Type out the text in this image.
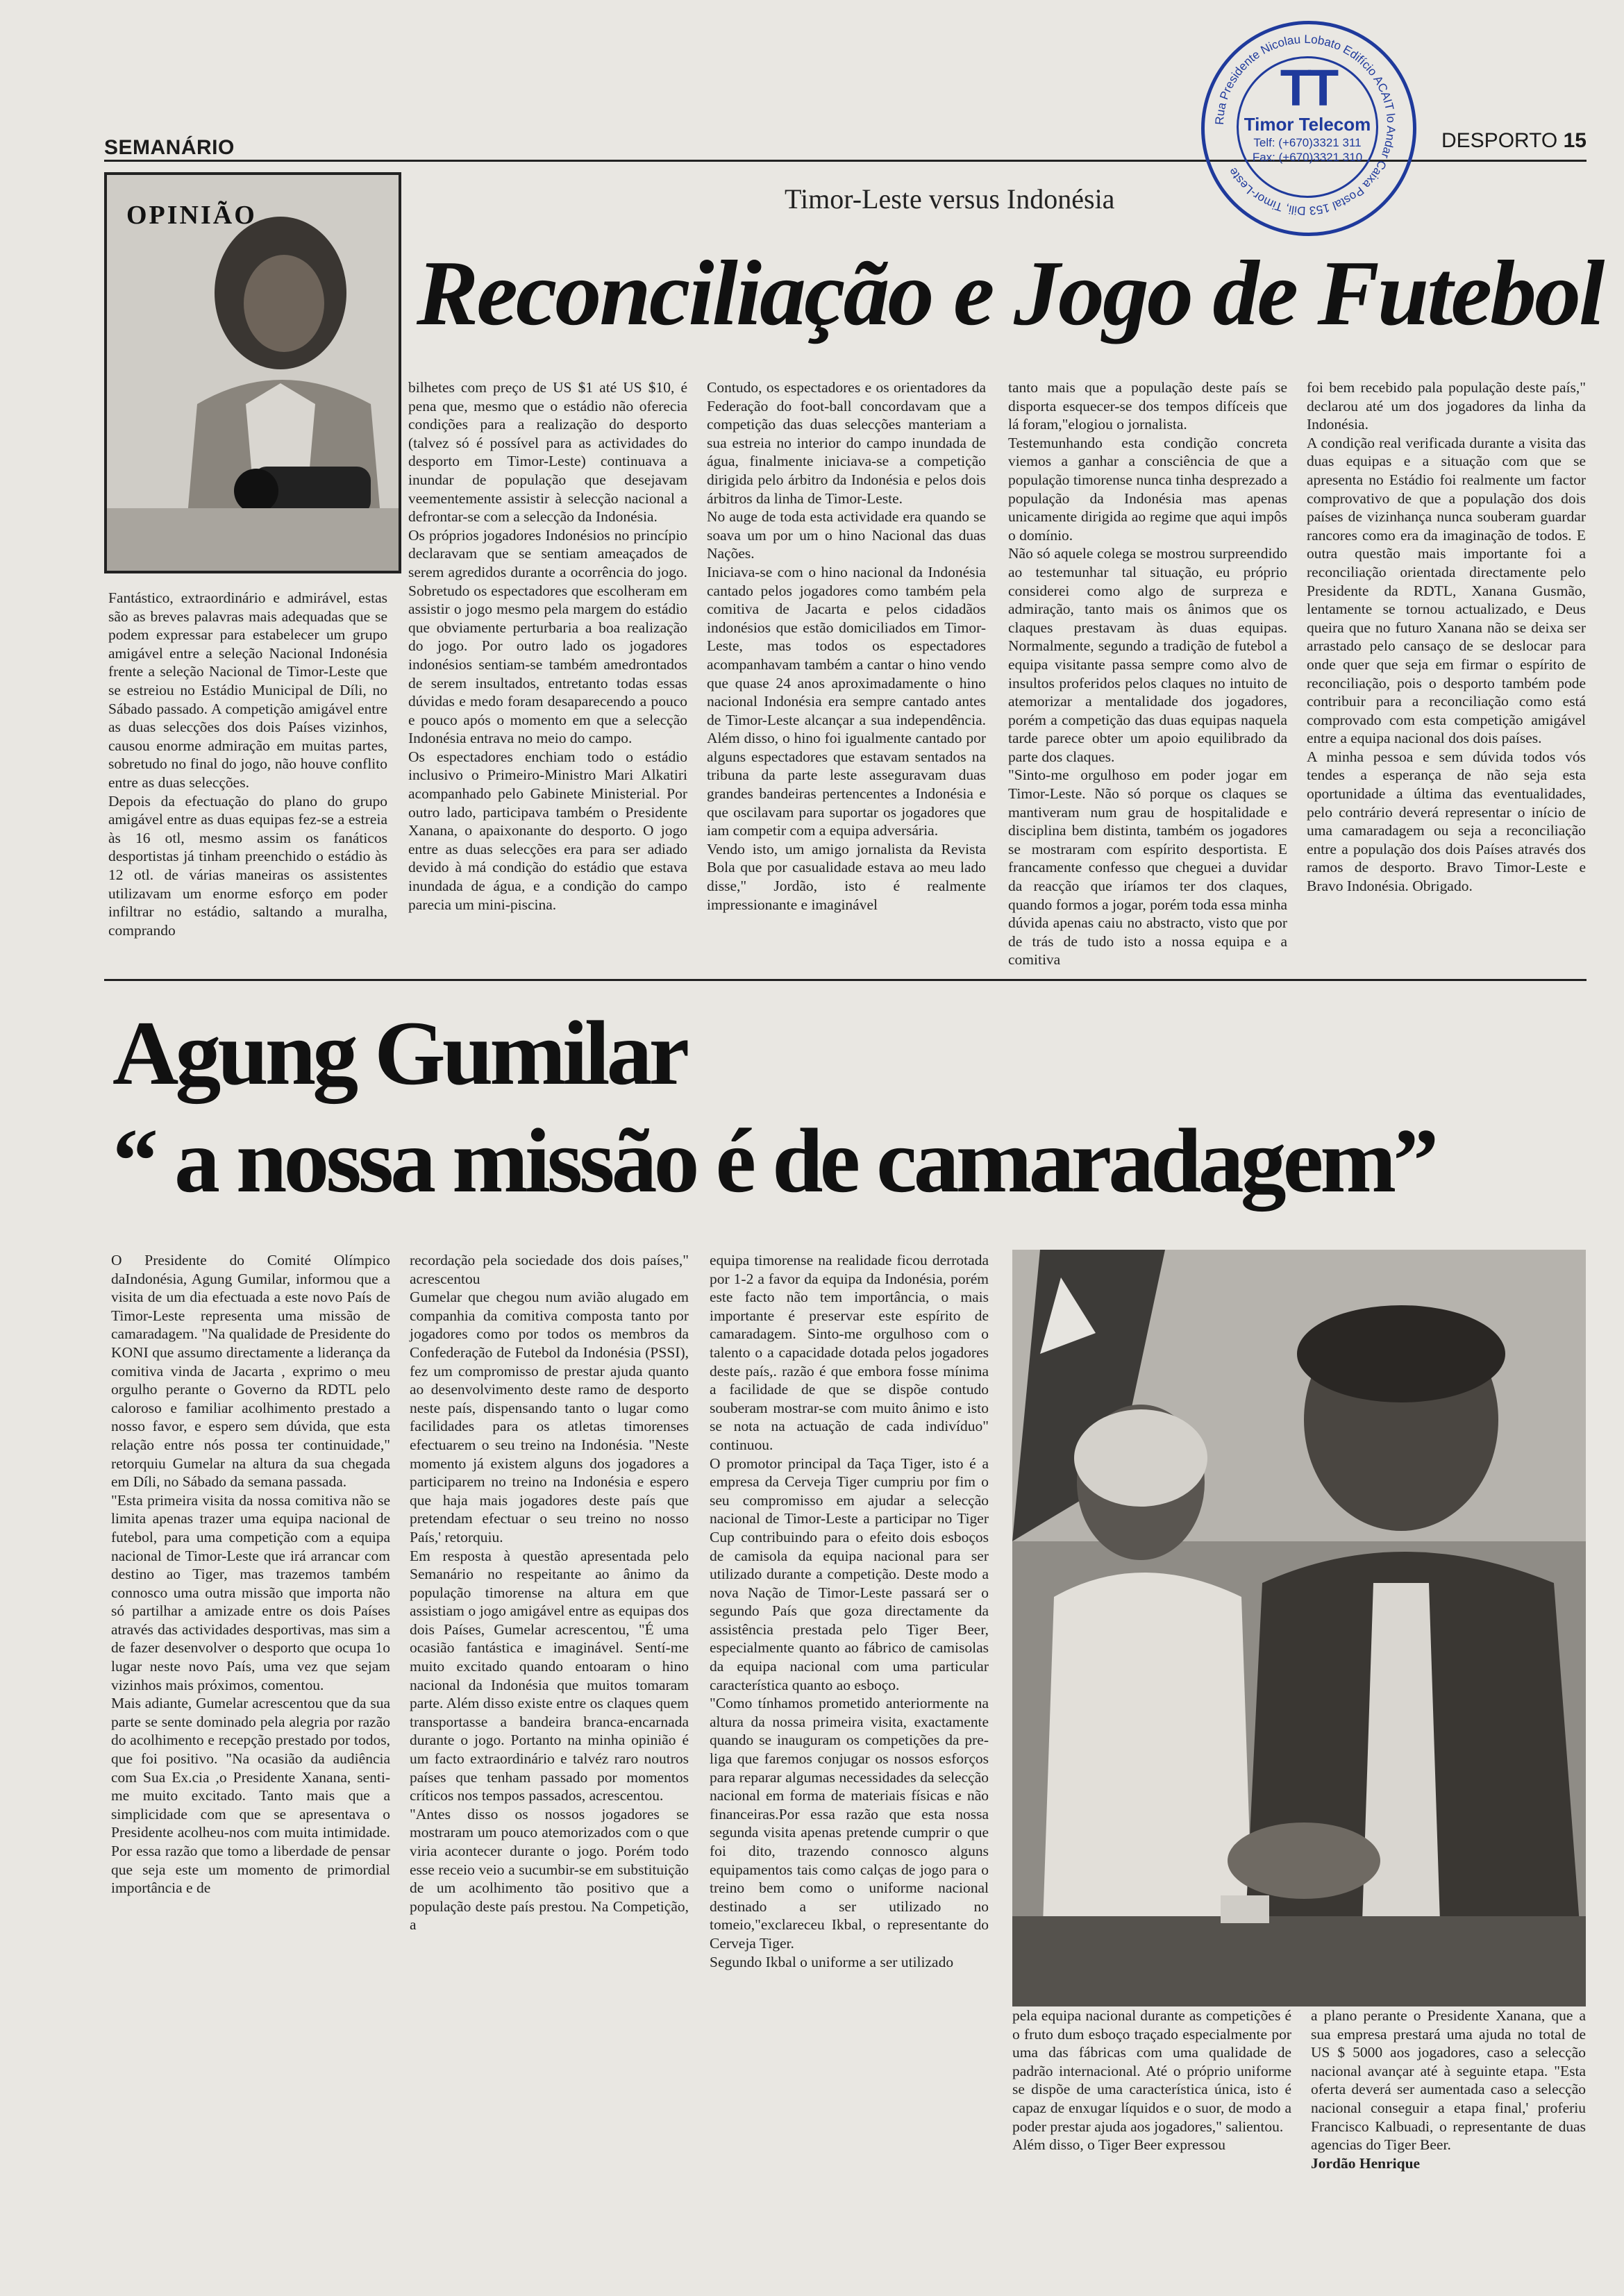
SEMANÁRIO	DESPORTO 15
Rua Presidente Nicolau Lobato Edifício ACAIT lo Andar Caixa Postal 153 Dili, Timor-Leste
TT
Timor Telecom
Telf: (+670)3321 311
Fax: (+670)3321 310
OPINIÃO
Timor-Leste versus Indonésia
Reconciliação e Jogo de Futebol

Fantástico, extraordinário e admirável, estas são as breves palavras mais adequadas que se podem expressar para estabelecer um grupo amigável entre a seleção Nacional Indonésia frente a seleção Nacional de Timor-Leste que se estreiou no Estádio Municipal de Díli, no Sábado passado. A competição amigável entre as duas selecções dos dois Países vizinhos, causou enorme admiração em muitas partes, sobretudo no final do jogo, não houve conflito entre as duas selecções.

Depois da efectuação do plano do grupo amigável entre as duas equipas fez-se a estreia às 16 otl, mesmo assim os fanáticos desportistas já tinham preenchido o estádio às 12 otl. de várias maneiras os assistentes utilizavam um enorme esforço em poder infiltrar no estádio, saltando a muralha, comprando

bilhetes com preço de US $1 até US $10, é pena que, mesmo que o estádio não oferecia condições para a realização do desporto (talvez só é possível para as actividades do desporto em Timor-Leste) continuava a inundar de população que desejavam veementemente assistir à selecção nacional a defrontar-se com a selecção da Indonésia.

Os próprios jogadores Indonésios no princípio declaravam que se sentiam ameaçados de serem agredidos durante a ocorrência do jogo. Sobretudo os espectadores que escolheram em assistir o jogo mesmo pela margem do estádio que obviamente perturbaria a boa realização do jogo. Por outro lado os jogadores indonésios sentiam-se também amedrontados de serem insultados, entretanto todas essas dúvidas e medo foram desaparecendo a pouco e pouco após o momento em que a selecção Indonésia entrava no meio do campo.

Os espectadores enchiam todo o estádio inclusivo o Primeiro-Ministro Mari Alkatiri acompanhado pelo Gabinete Ministerial. Por outro lado, participava também o Presidente Xanana, o apaixonante do desporto. O jogo entre as duas selecções era para ser adiado devido à má condição do estádio que estava inundada de água, e a condição do campo parecia um mini-piscina.

Contudo, os espectadores e os orientadores da Federação do foot-ball concordavam que a competição das duas selecções manteriam a sua estreia no interior do campo inundada de água, finalmente iniciava-se a competição dirigida pelo árbitro da Indonésia e pelos dois árbitros da linha de Timor-Leste.

No auge de toda esta actividade era quando se soava um por um o hino Nacional das duas Nações.

Iniciava-se com o hino nacional da Indonésia cantado pelos jogadores como também pela comitiva de Jacarta e pelos cidadãos indonésios que estão domiciliados em Timor-Leste, mas todos os espectadores acompanhavam também a cantar o hino vendo que quase 24 anos aproximadamente o hino nacional Indonésia era sempre cantado antes de Timor-Leste alcançar a sua independência. Além disso, o hino foi igualmente cantado por alguns espectadores que estavam sentados na tribuna da parte leste asseguravam duas grandes bandeiras pertencentes a Indonésia e que oscilavam para suportar os jogadores que iam competir com a equipa adversária.

Vendo isto, um amigo jornalista da Revista Bola que por casualidade estava ao meu lado disse," Jordão, isto é realmente impressionante e imaginável

tanto mais que a população deste país se disporta esquecer-se dos tempos difíceis que lá foram,"elogiou o jornalista.

Testemunhando esta condição concreta viemos a ganhar a consciência de que a população timorense nunca tinha desprezado a população da Indonésia mas apenas unicamente dirigida ao regime que aqui impôs o domínio.

Não só aquele colega se mostrou surpreendido ao testemunhar tal situação, eu próprio considerei como algo de surpreza e admiração, tanto mais os ânimos que os claques prestavam às duas equipas. Normalmente, segundo a tradição de futebol a equipa visitante passa sempre como alvo de insultos proferidos pelos claques no intuito de atemorizar a mentalidade dos jogadores, porém a competição das duas equipas naquela tarde parece obter um apoio equilibrado da parte dos claques.

"Sinto-me orgulhoso em poder jogar em Timor-Leste. Não só porque os claques se mantiveram num grau de hospitalidade e disciplina bem distinta, também os jogadores se mostraram com espírito desportista. E francamente confesso que cheguei a duvidar da reacção que iríamos ter dos claques, quando formos a jogar, porém toda essa minha dúvida apenas caiu no abstracto, visto que por de trás de tudo isto a nossa equipa e a comitiva

foi bem recebido pala população deste país," declarou até um dos jogadores da linha da Indonésia.

A condição real verificada durante a visita das duas equipas e a situação com que se apresenta no Estádio foi realmente um factor comprovativo de que a população dos dois países de vizinhança nunca souberam guardar rancores como era da imaginação de todos. E outra questão mais importante foi a reconciliação orientada directamente pelo Presidente da RDTL, Xanana Gusmão, lentamente se tornou actualizado, e Deus queira que no futuro Xanana não se deixa ser arrastado pelo cansaço de se deslocar para onde quer que seja em firmar o espírito de reconciliação, pois o desporto também pode contribuir para a reconciliação como está comprovado com esta competição amigável entre a equipa nacional dos dois países.

A minha pessoa e sem dúvida todos vós tendes a esperança de não seja esta oportunidade a última das eventualidades, pelo contrário deverá representar o início de uma camaradagem ou seja a reconciliação entre a população dos dois Países através dos ramos de desporto. Bravo Timor-Leste e Bravo Indonésia. Obrigado.

Agung Gumilar
“ a nossa missão é de camaradagem”

O Presidente do Comité Olímpico daIndonésia, Agung Gumilar, informou que a visita de um dia efectuada a este novo País de Timor-Leste representa uma missão de camaradagem. "Na qualidade de Presidente do KONI que assumo directamente a liderança da comitiva vinda de Jacarta , exprimo o meu orgulho perante o Governo da RDTL pelo caloroso e familiar acolhimento prestado a nosso favor, e espero sem dúvida, que esta relação entre nós possa ter continuidade," retorquiu Gumelar na altura da sua chegada em Díli, no Sábado da semana passada.

"Esta primeira visita da nossa comitiva não se limita apenas trazer uma equipa nacional de futebol, para uma competição com a equipa nacional de Timor-Leste que irá arrancar com destino ao Tiger, mas trazemos também connosco uma outra missão que importa não só partilhar a amizade entre os dois Países através das actividades desportivas, mas sim a de fazer desenvolver o desporto que ocupa 1o lugar neste novo País, uma vez que sejam vizinhos mais próximos, comentou.

Mais adiante, Gumelar acrescentou que da sua parte se sente dominado pela alegria por razão do acolhimento e recepção prestado por todos, que foi positivo. "Na ocasião da audiência com Sua Ex.cia ,o Presidente Xanana, senti-me muito excitado. Tanto mais que a simplicidade com que se apresentava o Presidente acolheu-nos com muita intimidade. Por essa razão que tomo a liberdade de pensar que seja este um momento de primordial importância e de

recordação pela sociedade dos dois países," acrescentou

Gumelar que chegou num avião alugado em companhia da comitiva composta tanto por jogadores como por todos os membros da Confederação de Futebol da Indonésia (PSSI), fez um compromisso de prestar ajuda quanto ao desenvolvimento deste ramo de desporto neste país, dispensando tanto o lugar como facilidades para os atletas timorenses efectuarem o seu treino na Indonésia. "Neste momento já existem alguns dos jogadores a participarem no treino na Indonésia e espero que haja mais jogadores deste país que pretendam efectuar o seu treino no nosso País,' retorquiu.

Em resposta à questão apresentada pelo Semanário no respeitante ao ânimo da população timorense na altura em que assistiam o jogo amigável entre as equipas dos dois Países, Gumelar acrescentou, "É uma ocasião fantástica e imaginável. Sentí-me muito excitado quando entoaram o hino nacional da Indonésia que muitos tomaram parte. Além disso existe entre os claques quem transportasse a bandeira branca-encarnada durante o jogo. Portanto na minha opinião é um facto extraordinário e talvéz raro noutros países que tenham passado por momentos críticos nos tempos passados, acrescentou.

"Antes disso os nossos jogadores se mostraram um pouco atemorizados com o que viria acontecer durante o jogo. Porém todo esse receio veio a sucumbir-se em substituição de um acolhimento tão positivo que a população deste país prestou. Na Competição, a

equipa timorense na realidade ficou derrotada por 1-2 a favor da equipa da Indonésia, porém este facto não tem importância, o mais importante é preservar este espírito de camaradagem. Sinto-me orgulhoso com o talento o a capacidade dotada pelos jogadores deste país,. razão é que embora fosse mínima a facilidade de que se dispõe contudo souberam mostrar-se com muito ânimo e isto se nota na actuação de cada indivíduo" continuou.

O promotor principal da Taça Tiger, isto é a empresa da Cerveja Tiger cumpriu por fim o seu compromisso em ajudar a selecção nacional de Timor-Leste a participar no Tiger Cup contribuindo para o efeito dois esboços de camisola da equipa nacional para ser utilizado durante a competição. Deste modo a nova Nação de Timor-Leste passará ser o segundo País que goza directamente da assistência prestada pelo Tiger Beer, especialmente quanto ao fábrico de camisolas da equipa nacional com uma particular característica quanto ao esboço.

"Como tínhamos prometido anteriormente na altura da nossa primeira visita, exactamente quando se inauguram os competições da pre-liga que faremos conjugar os nossos esforços para reparar algumas necessidades da selecção nacional em forma de materiais físicas e não financeiras.Por essa razão que esta nossa segunda visita apenas pretende cumprir o que foi dito, trazendo connosco alguns equipamentos tais como calças de jogo para o treino bem como o uniforme nacional destinado a ser utilizado no tomeio,"exclareceu Ikbal, o representante do Cerveja Tiger.

Segundo Ikbal o uniforme a ser utilizado

pela equipa nacional durante as competições é o fruto dum esboço traçado especialmente por uma das fábricas com uma qualidade de padrão internacional. Até o próprio uniforme se dispõe de uma característica única, isto é capaz de enxugar líquidos e o suor, de modo a poder prestar ajuda aos jogadores," salientou.

Além disso, o Tiger Beer expressou

a plano perante o Presidente Xanana, que a sua empresa prestará uma ajuda no total de US $ 5000 aos jogadores, caso a selecção nacional avançar até à seguinte etapa. "Esta oferta deverá ser aumentada caso a selecção nacional conseguir a etapa final,' proferiu Francisco Kalbuadi, o representante de duas agencias do Tiger Beer.

Jordão Henrique
